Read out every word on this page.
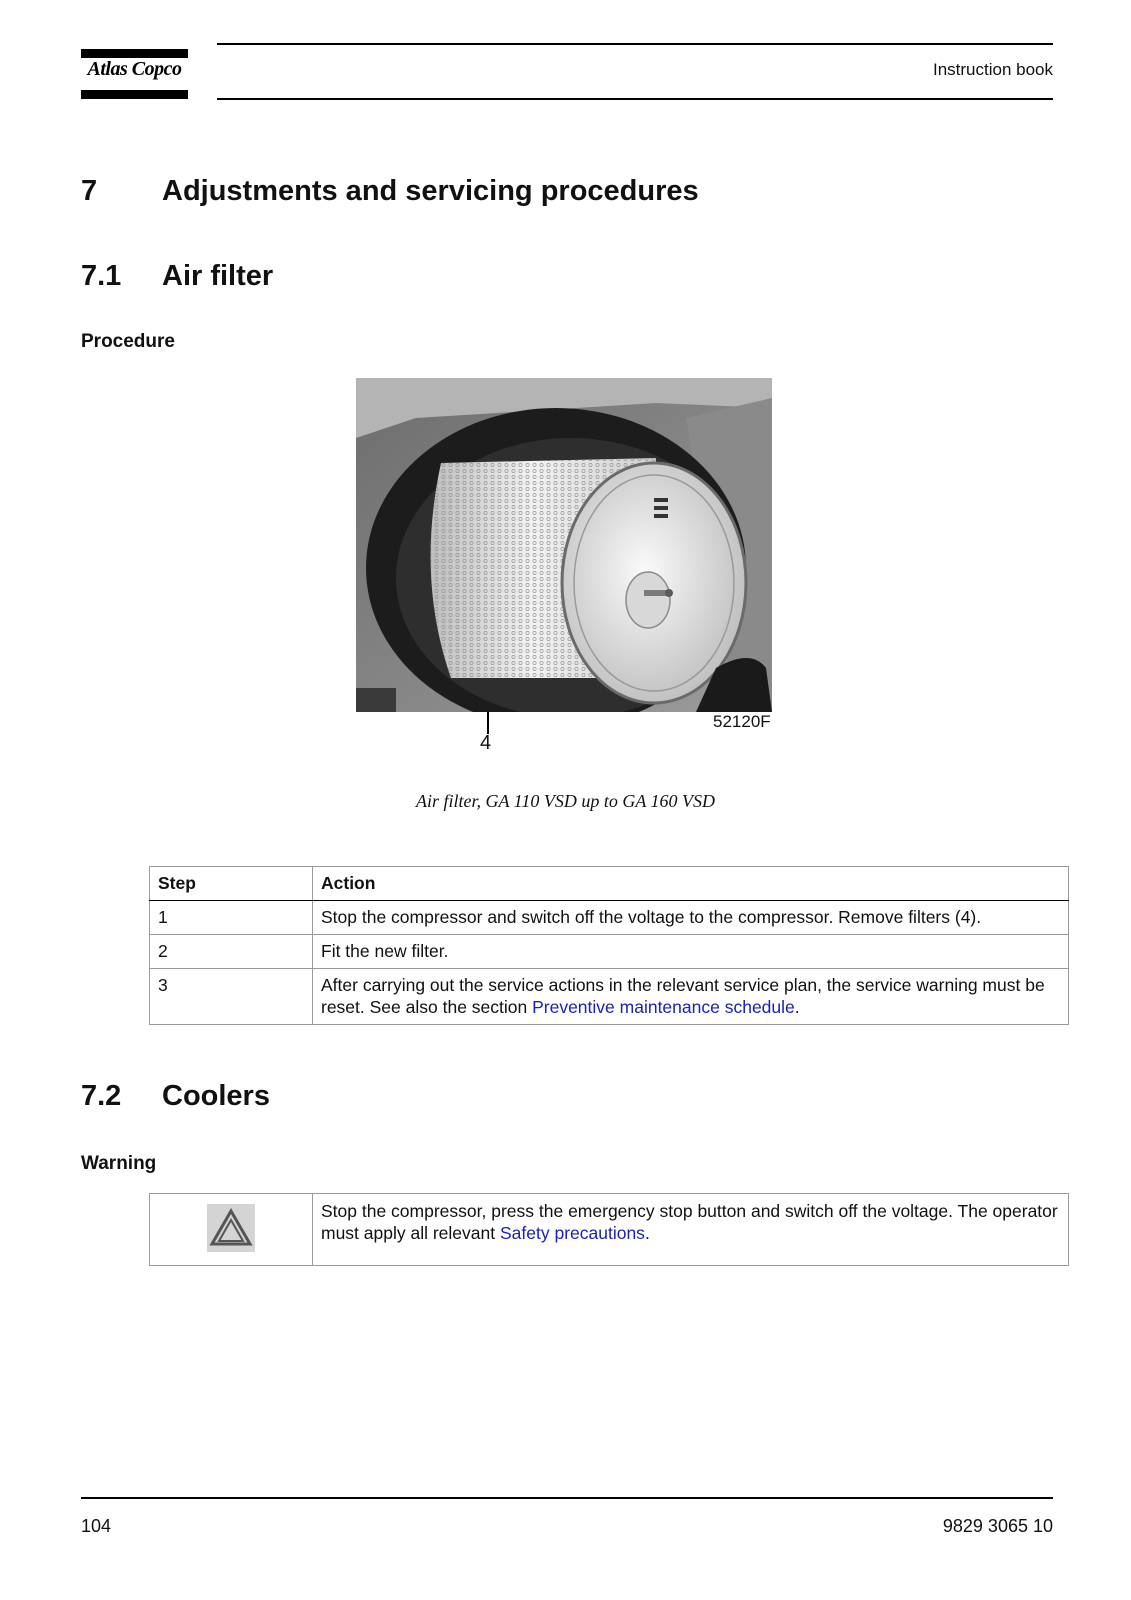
Atlas Copco	Instruction book
7 Adjustments and servicing procedures
7.1 Air filter
Procedure
4
52120F
Air filter, GA 110 VSD up to GA 160 VSD
Step	Action
1	Stop the compressor and switch off the voltage to the compressor. Remove filters (4).
2	Fit the new filter.
3	After carrying out the service actions in the relevant service plan, the service warning must be reset. See also the section Preventive maintenance schedule.
7.2 Coolers
Warning
	Stop the compressor, press the emergency stop button and switch off the voltage. The operator must apply all relevant Safety precautions.
104	9829 3065 10
